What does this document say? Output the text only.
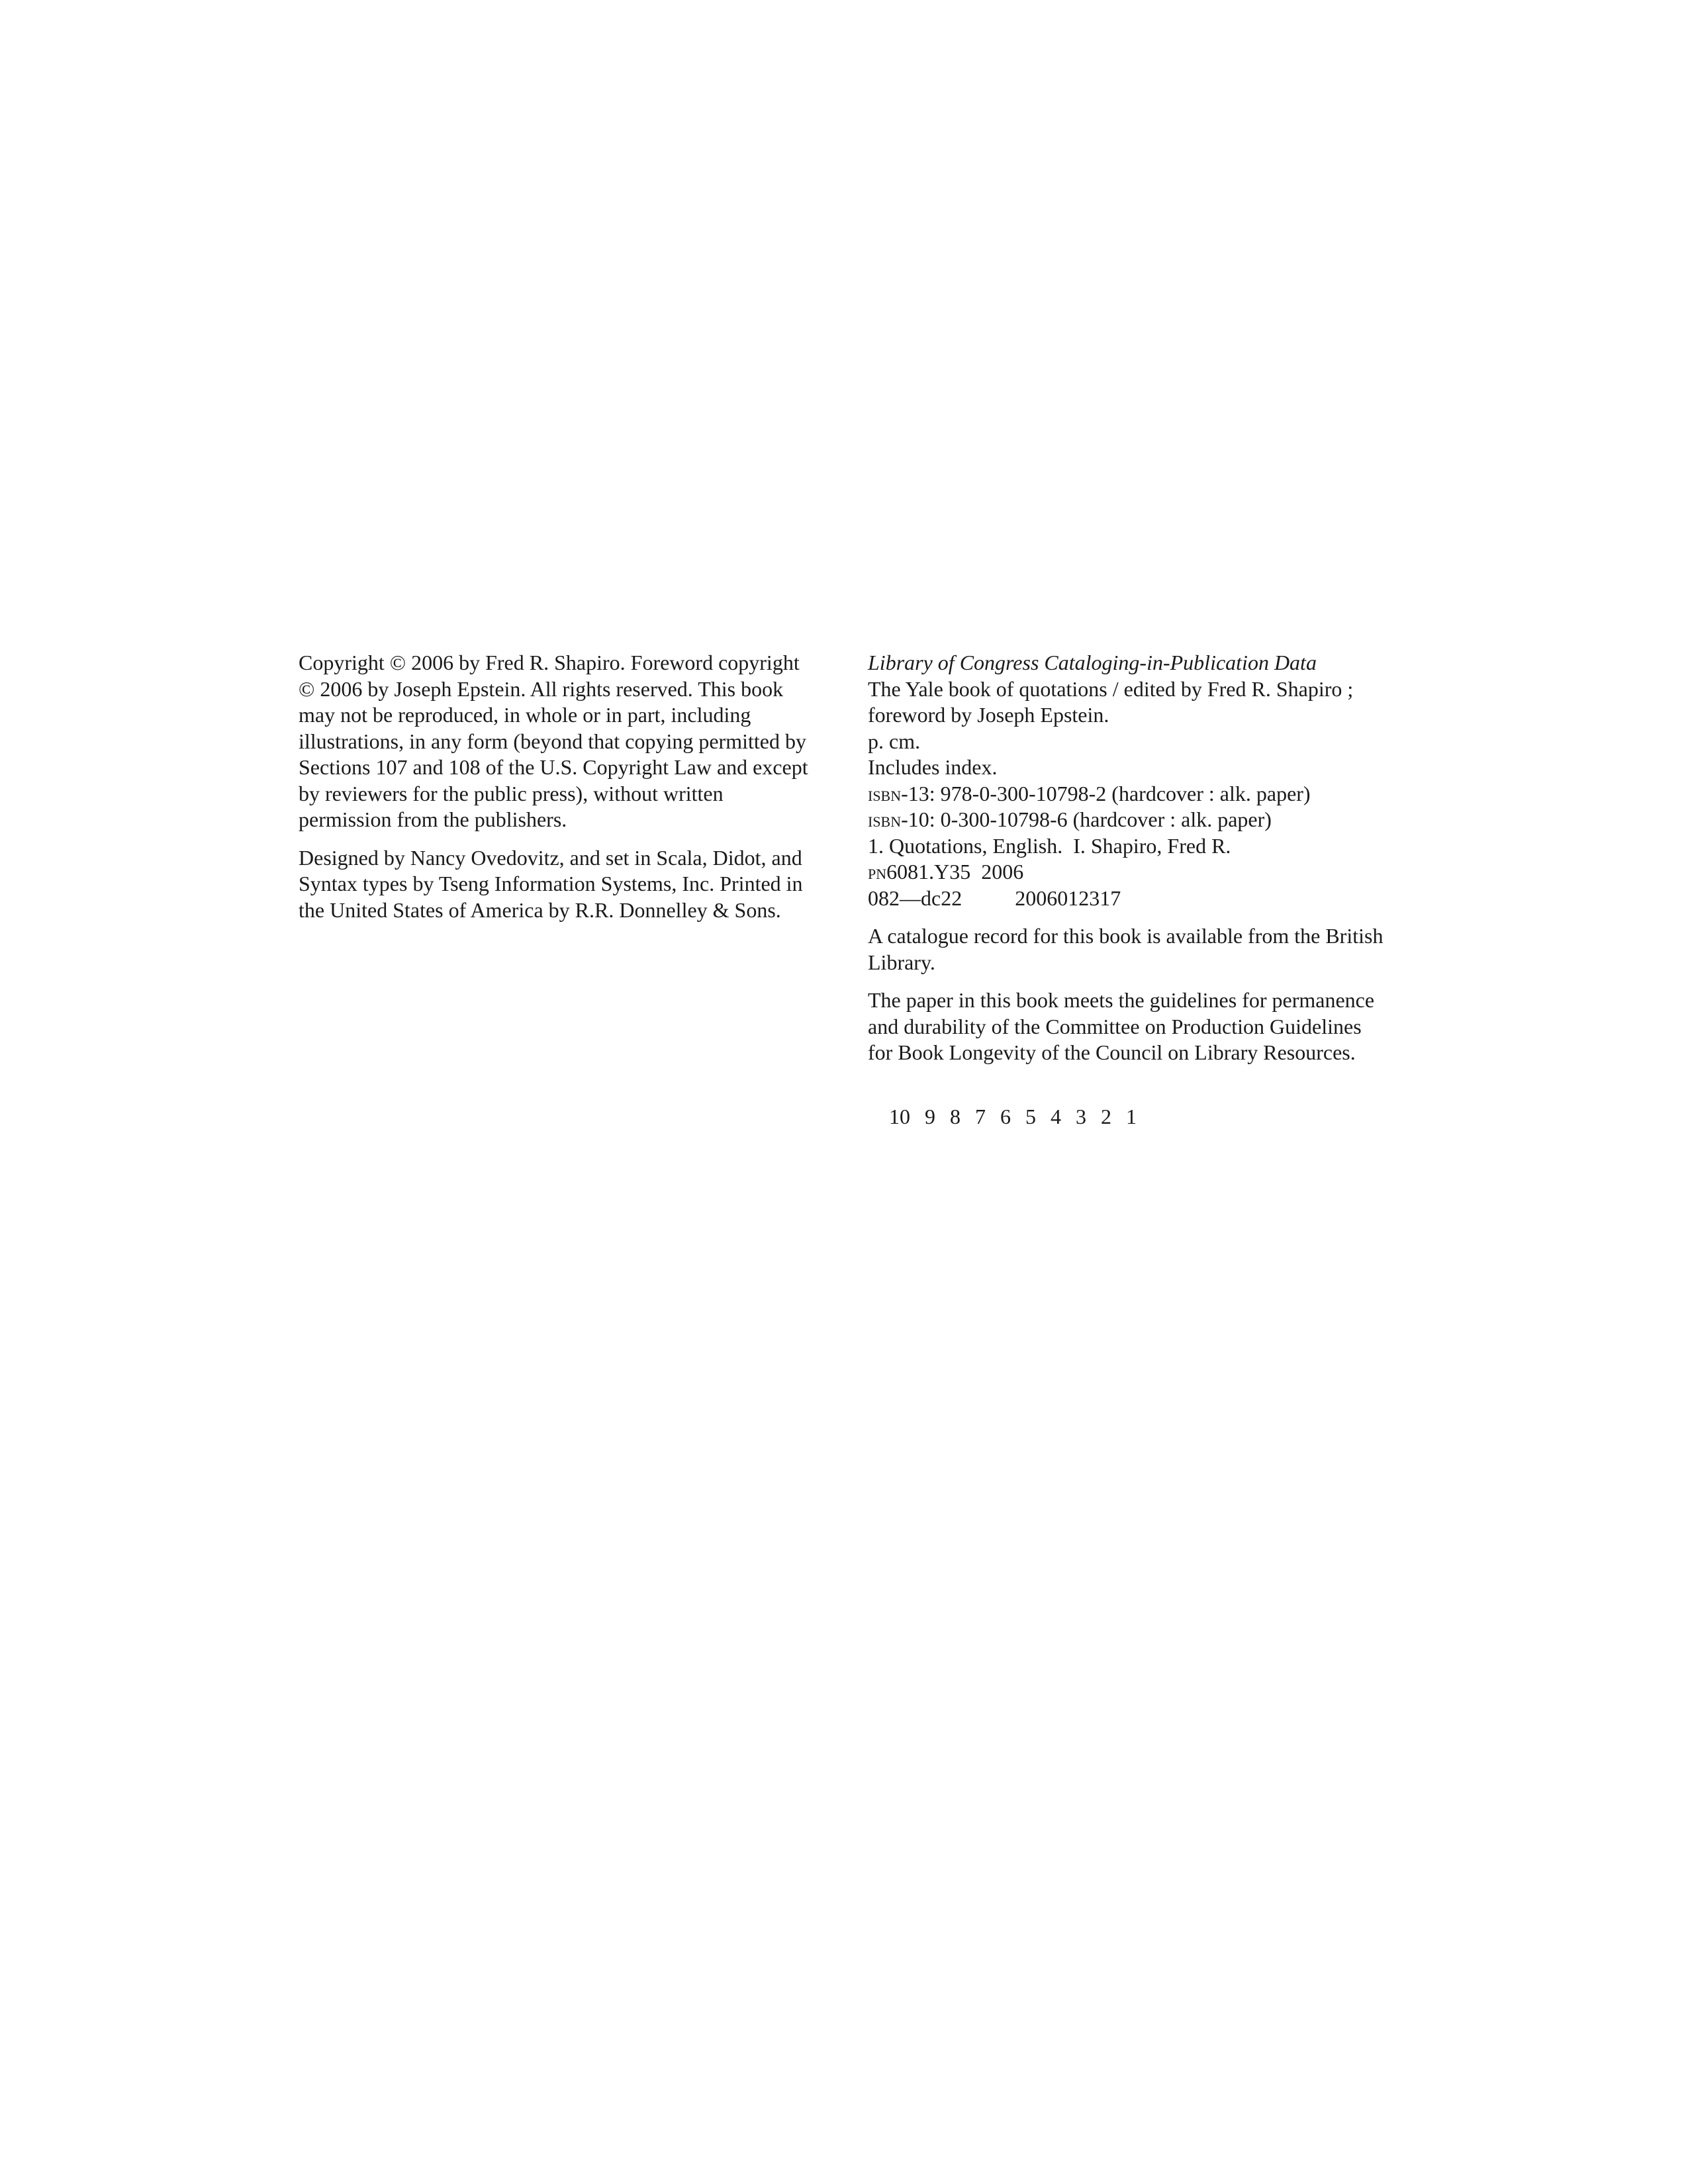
Copyright © 2006 by Fred R. Shapiro. Foreword copyright

© 2006 by Joseph Epstein. All rights reserved. This book

may not be reproduced, in whole or in part, including

illustrations, in any form (beyond that copying permitted by

Sections 107 and 108 of the U.S. Copyright Law and except

by reviewers for the public press), without written

permission from the publishers.

Designed by Nancy Ovedovitz, and set in Scala, Didot, and

Syntax types by Tseng Information Systems, Inc. Printed in

the United States of America by R.R. Donnelley & Sons.

Library of Congress Cataloging-in-Publication Data

The Yale book of quotations / edited by Fred R. Shapiro ;

foreword by Joseph Epstein.

p. cm.

Includes index.

isbn-13: 978-0-300-10798-2 (hardcover : alk. paper)

isbn-10: 0-300-10798-6 (hardcover : alk. paper)

1. Quotations, English.  I. Shapiro, Fred R.

pn6081.Y35  2006

082—dc22          2006012317

A catalogue record for this book is available from the British

Library.

The paper in this book meets the guidelines for permanence

and durability of the Committee on Production Guidelines

for Book Longevity of the Council on Library Resources.

10 9 8 7 6 5 4 3 2 1
